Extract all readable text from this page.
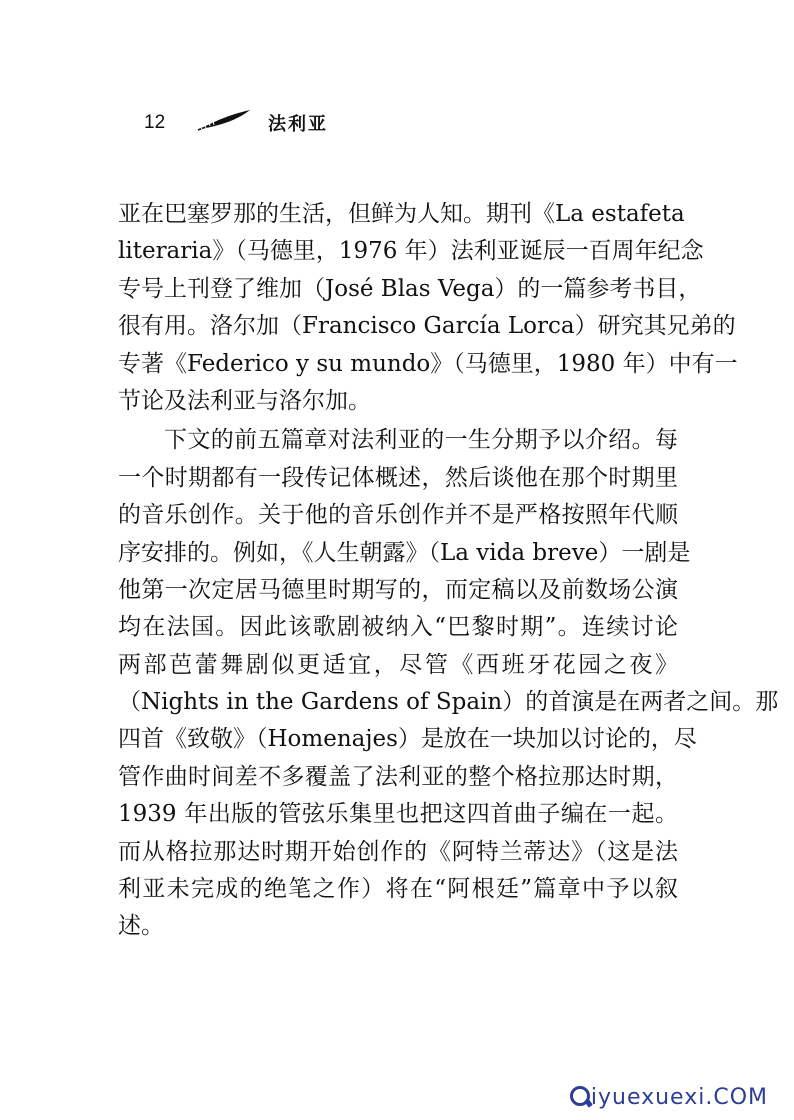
12	法利亚
亚在巴塞罗那的生活，但鲜为人知。期刊《La estafeta
literaria》（马德里，1976 年）法利亚诞辰一百周年纪念
专号上刊登了维加（José Blas Vega）的一篇参考书目，
很有用。洛尔加（Francisco García Lorca）研究其兄弟的
专著《Federico y su mundo》（马德里，1980 年）中有一
节论及法利亚与洛尔加。
下文的前五篇章对法利亚的一生分期予以介绍。每
一个时期都有一段传记体概述，然后谈他在那个时期里
的音乐创作。关于他的音乐创作并不是严格按照年代顺
序安排的。例如，《人生朝露》（La vida breve）一剧是
他第一次定居马德里时期写的，而定稿以及前数场公演
均在法国。因此该歌剧被纳入“巴黎时期”。连续讨论
两部芭蕾舞剧似更适宜，尽管《西班牙花园之夜》
（Nights in the Gardens of Spain）的首演是在两者之间。那
四首《致敬》（Homenajes）是放在一块加以讨论的，尽
管作曲时间差不多覆盖了法利亚的整个格拉那达时期，
1939 年出版的管弦乐集里也把这四首曲子编在一起。
而从格拉那达时期开始创作的《阿特兰蒂达》（这是法
利亚未完成的绝笔之作）将在“阿根廷”篇章中予以叙
述。
iyuexuexi.COM
